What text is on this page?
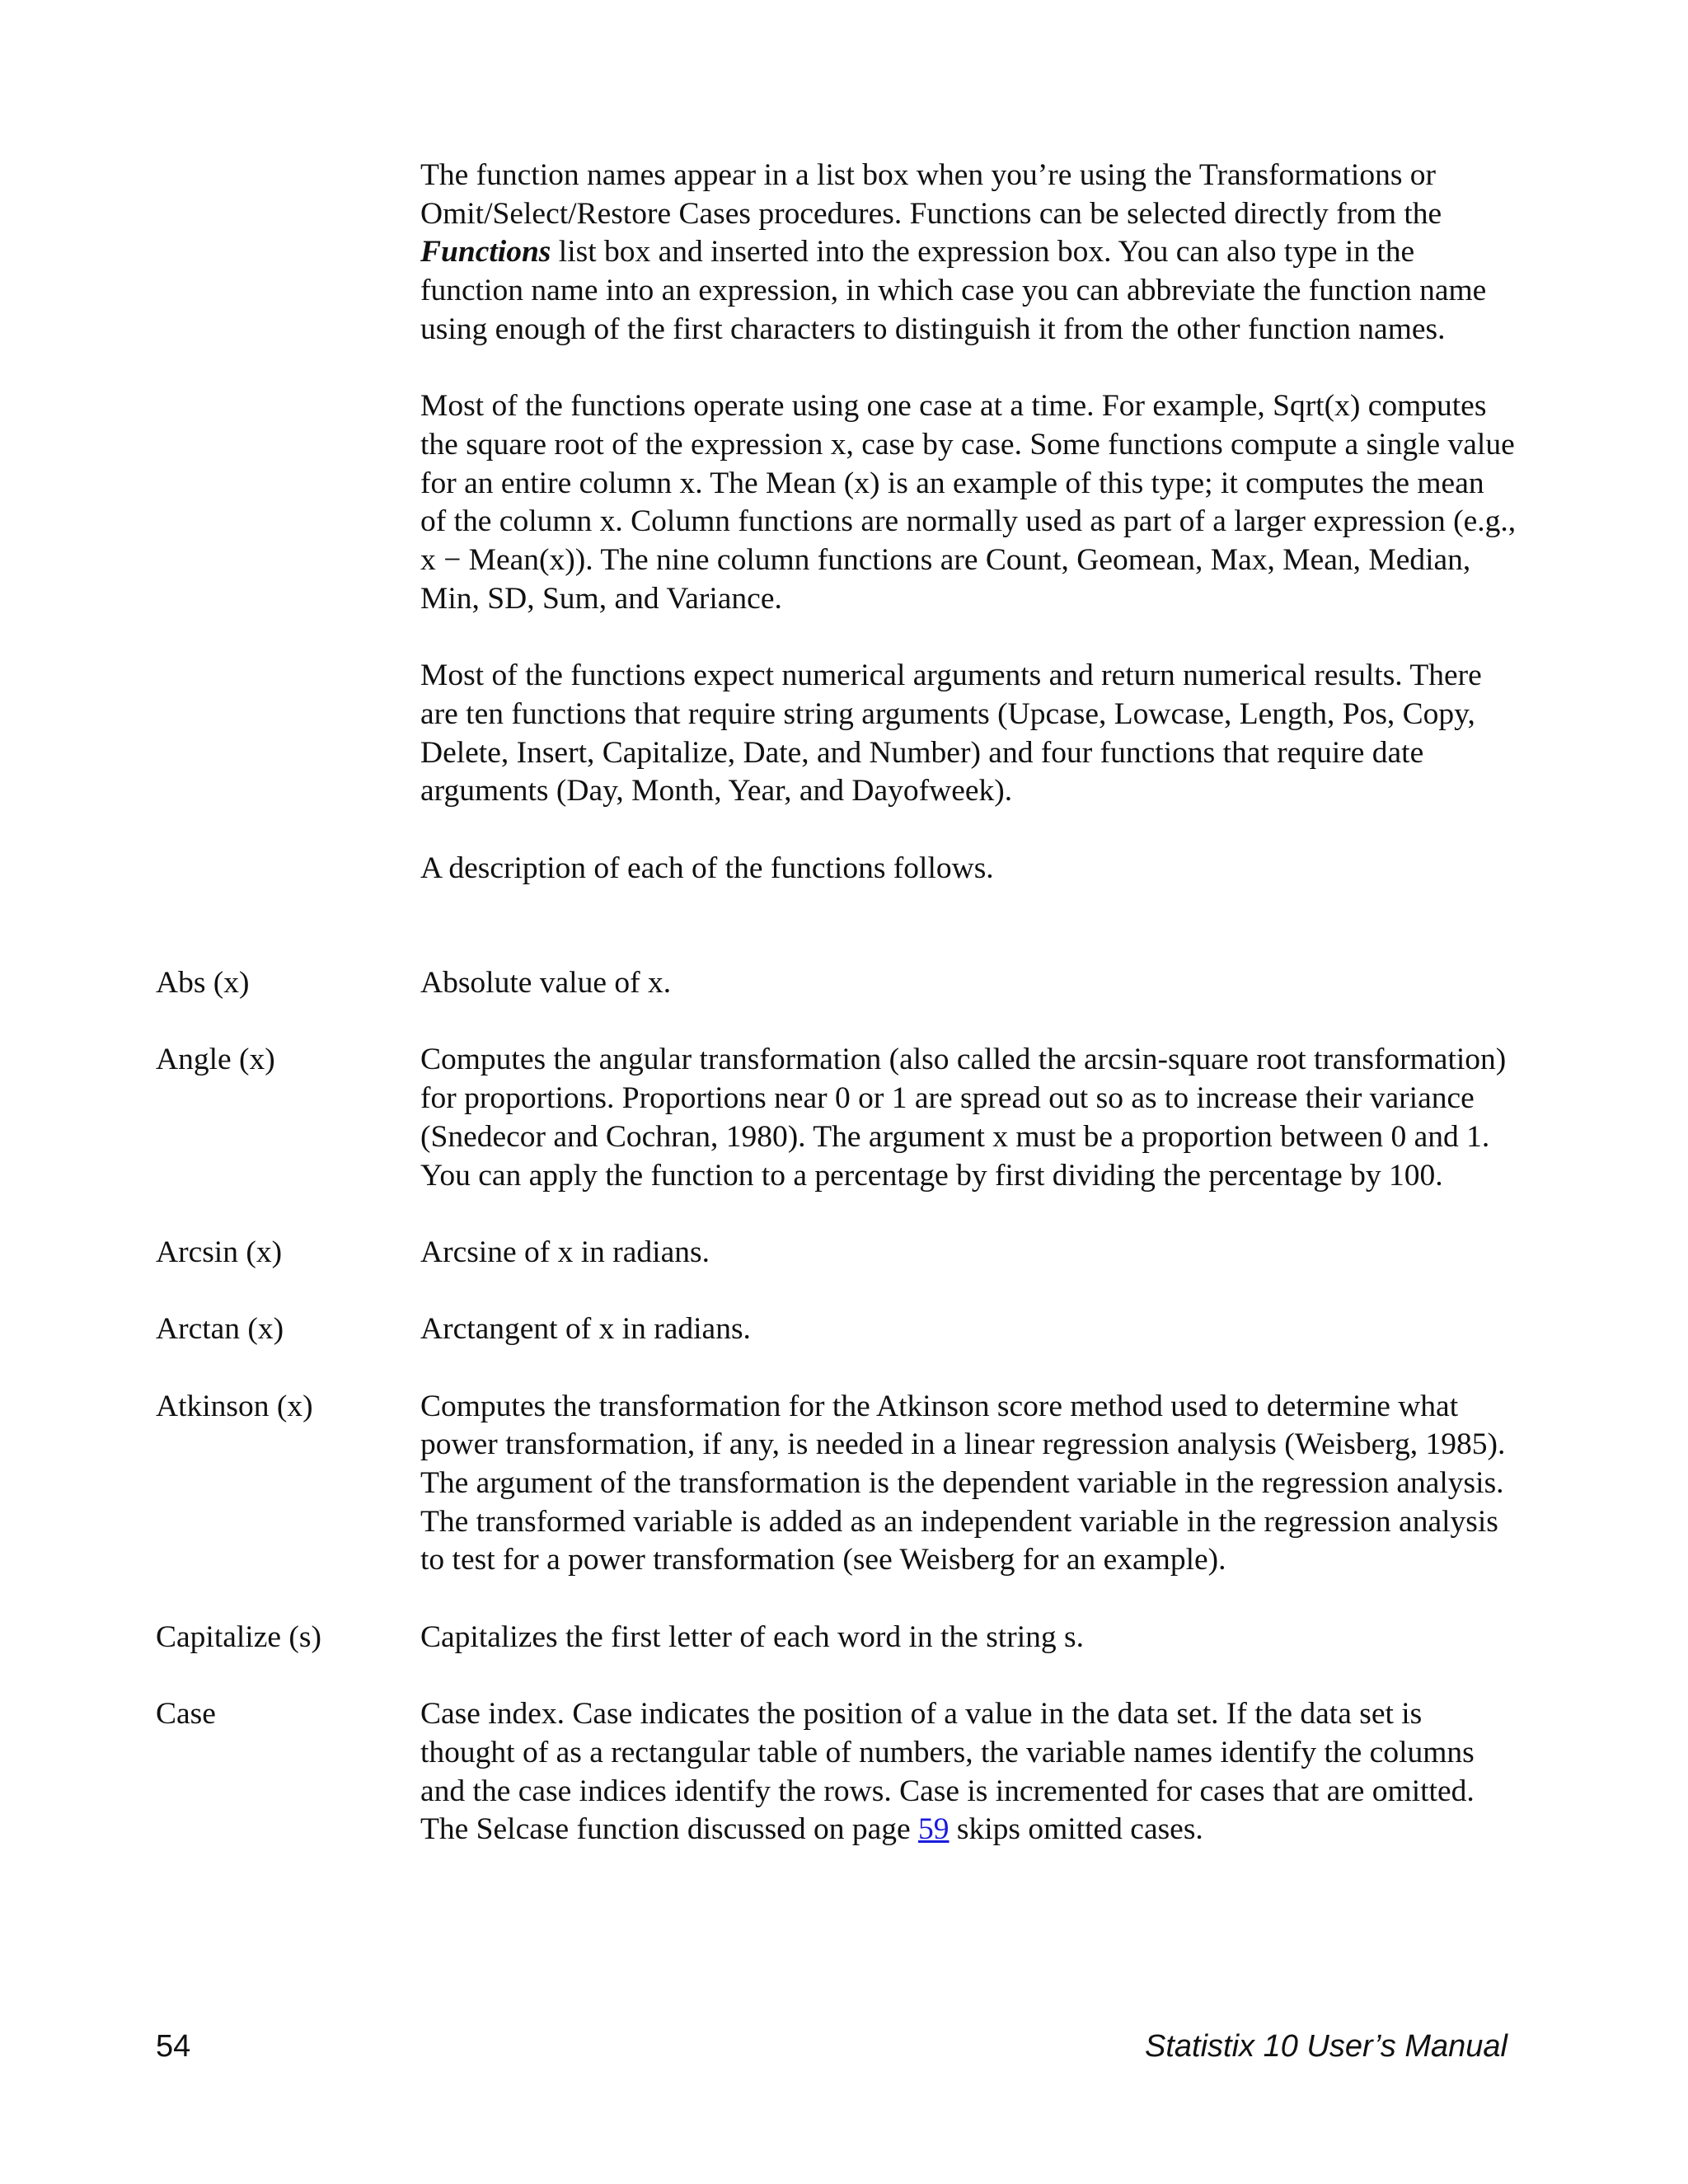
The function names appear in a list box when you’re using the Transformations or Omit/Select/Restore Cases procedures. Functions can be selected directly from the Functions list box and inserted into the expression box. You can also type in the function name into an expression, in which case you can abbreviate the function name using enough of the first characters to distinguish it from the other function names.

Most of the functions operate using one case at a time. For example, Sqrt(x) computes the square root of the expression x, case by case. Some functions compute a single value for an entire column x. The Mean (x) is an example of this type; it computes the mean of the column x. Column functions are normally used as part of a larger expression (e.g., x − Mean(x)). The nine column functions are Count, Geomean, Max, Mean, Median, Min, SD, Sum, and Variance.

Most of the functions expect numerical arguments and return numerical results. There are ten functions that require string arguments (Upcase, Lowcase, Length, Pos, Copy, Delete, Insert, Capitalize, Date, and Number) and four functions that require date arguments (Day, Month, Year, and Dayofweek).

A description of each of the functions follows.

Abs (x)	Absolute value of x.
Angle (x)	Computes the angular transformation (also called the arcsin-square root transformation) for proportions. Proportions near 0 or 1 are spread out so as to increase their variance (Snedecor and Cochran, 1980). The argument x must be a proportion between 0 and 1. You can apply the function to a percentage by first dividing the percentage by 100.
Arcsin (x)	Arcsine of x in radians.
Arctan (x)	Arctangent of x in radians.
Atkinson (x)	Computes the transformation for the Atkinson score method used to determine what power transformation, if any, is needed in a linear regression analysis (Weisberg, 1985). The argument of the transformation is the dependent variable in the regression analysis. The transformed variable is added as an independent variable in the regression analysis to test for a power transformation (see Weisberg for an example).
Capitalize (s)	Capitalizes the first letter of each word in the string s.
Case	Case index. Case indicates the position of a value in the data set. If the data set is thought of as a rectangular table of numbers, the variable names identify the columns and the case indices identify the rows. Case is incremented for cases that are omitted. The Selcase function discussed on page 59 skips omitted cases.
54	Statistix 10 User’s Manual
